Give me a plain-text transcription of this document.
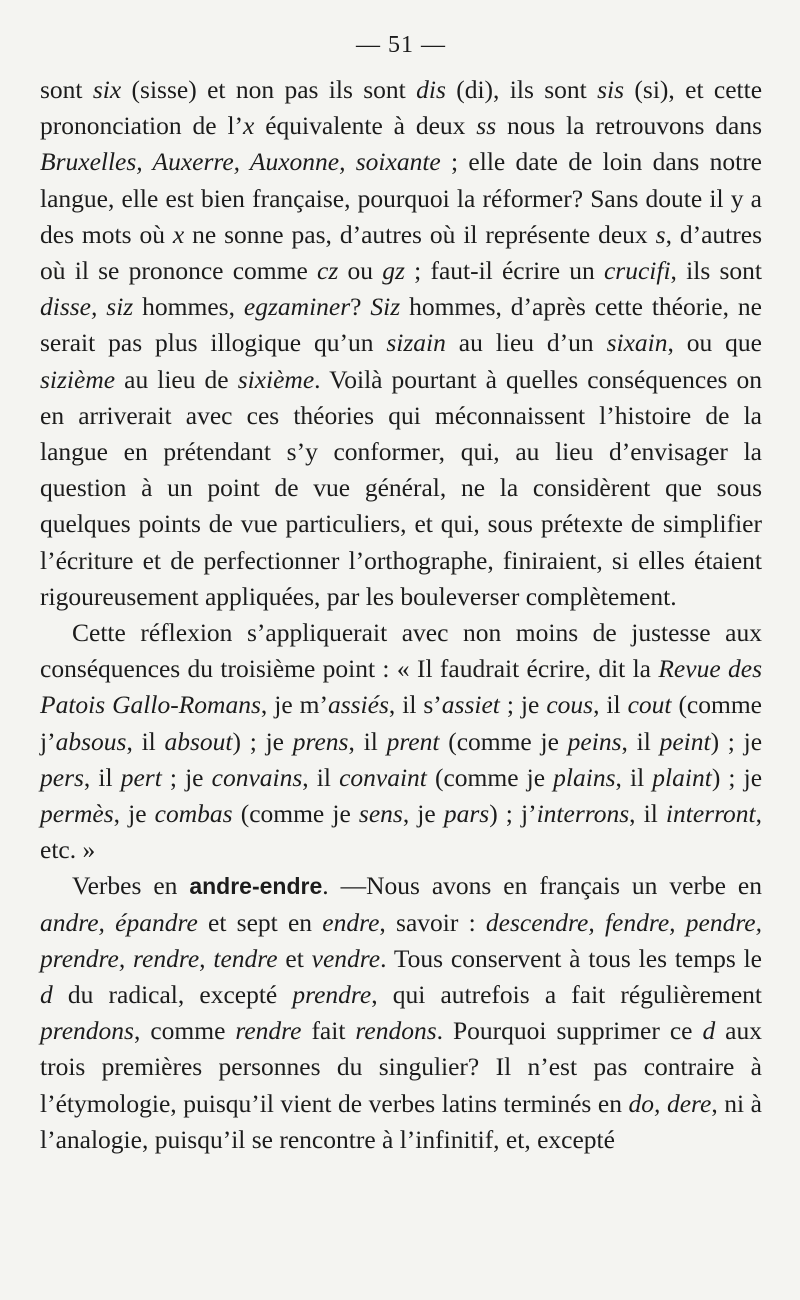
— 51 —

sont six (sisse) et non pas ils sont dis (di), ils sont sis (si), et cette prononciation de l’x équivalente à deux ss nous la retrouvons dans Bruxelles, Auxerre, Auxonne, soixante ; elle date de loin dans notre langue, elle est bien française, pourquoi la réformer? Sans doute il y a des mots où x ne sonne pas, d’autres où il représente deux s, d’autres où il se prononce comme cz ou gz ; faut-il écrire un crucifi, ils sont disse, siz hommes, egzaminer? Siz hommes, d’après cette théorie, ne serait pas plus illogique qu’un sizain au lieu d’un sixain, ou que sizième au lieu de sixième. Voilà pourtant à quelles conséquences on en arriverait avec ces théories qui méconnaissent l’histoire de la langue en prétendant s’y conformer, qui, au lieu d’envisager la question à un point de vue général, ne la considèrent que sous quelques points de vue particuliers, et qui, sous prétexte de simplifier l’écriture et de perfectionner l’orthographe, finiraient, si elles étaient rigoureusement appliquées, par les bouleverser complètement.

Cette réflexion s’appliquerait avec non moins de justesse aux conséquences du troisième point : « Il faudrait écrire, dit la Revue des Patois Gallo-Romans, je m’assiés, il s’assiet ; je cous, il cout (comme j’absous, il absout) ; je prens, il prent (comme je peins, il peint) ; je pers, il pert ; je convains, il convaint (comme je plains, il plaint) ; je permès, je combas (comme je sens, je pars) ; j’interrons, il interront, etc. »

Verbes en andre-endre. —Nous avons en français un verbe en andre, épandre et sept en endre, savoir : descendre, fendre, pendre, prendre, rendre, tendre et vendre. Tous conservent à tous les temps le d du radical, excepté prendre, qui autrefois a fait régulièrement prendons, comme rendre fait rendons. Pourquoi supprimer ce d aux trois premières personnes du singulier? Il n’est pas contraire à l’étymologie, puisqu’il vient de verbes latins terminés en do, dere, ni à l’analogie, puisqu’il se rencontre à l’infinitif, et, excepté
